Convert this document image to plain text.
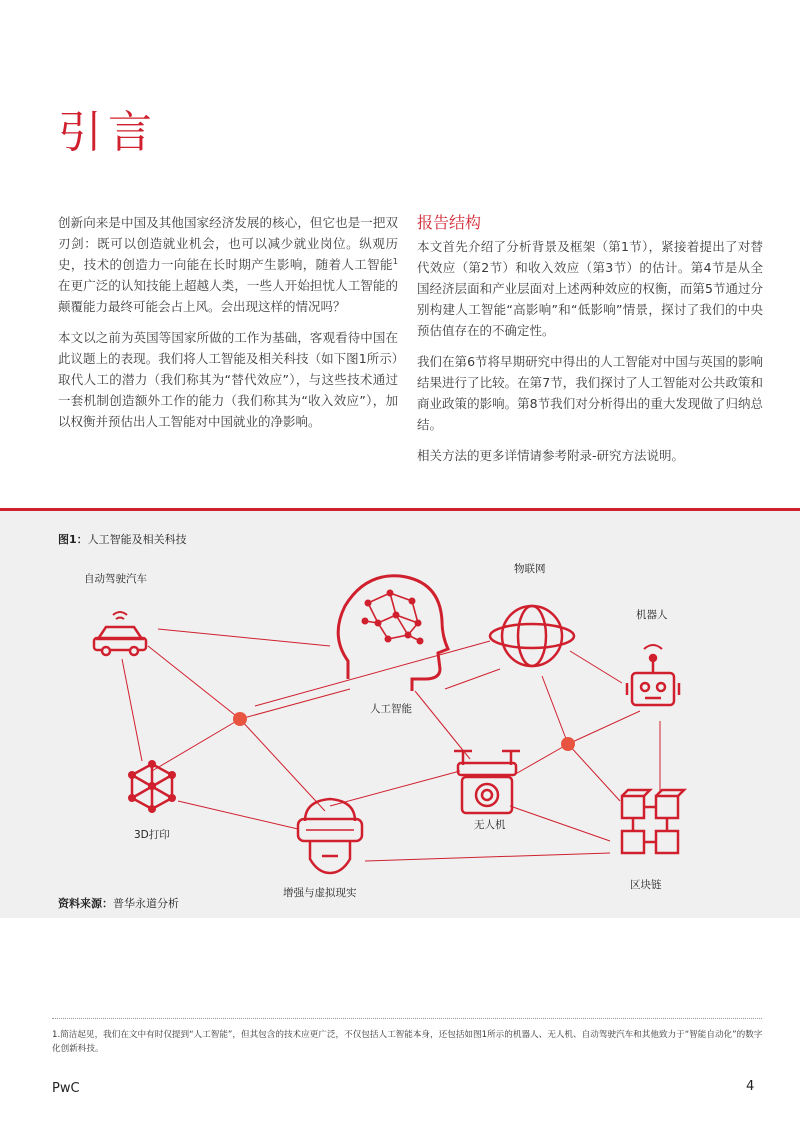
引言

创新向来是中国及其他国家经济发展的核心，但它也是一把双刃剑：既可以创造就业机会，也可以减少就业岗位。纵观历史，技术的创造力一向能在长时期产生影响，随着人工智能$^1$在更广泛的认知技能上超越人类，一些人开始担忧人工智能的颠覆能力最终可能会占上风。会出现这样的情况吗？

本文以之前为英国等国家所做的工作为基础，客观看待中国在此议题上的表现。我们将人工智能及相关科技（如下图1所示）取代人工的潜力（我们称其为“替代效应”），与这些技术通过一套机制创造额外工作的能力（我们称其为“收入效应”），加以权衡并预估出人工智能对中国就业的净影响。

报告结构

本文首先介绍了分析背景及框架（第1节），紧接着提出了对替代效应（第2节）和收入效应（第3节）的估计。第4节是从全国经济层面和产业层面对上述两种效应的权衡，而第5节通过分别构建人工智能“高影响”和“低影响”情景，探讨了我们的中央预估值存在的不确定性。

我们在第6节将早期研究中得出的人工智能对中国与英国的影响结果进行了比较。在第7节，我们探讨了人工智能对公共政策和商业政策的影响。第8节我们对分析得出的重大发现做了归纳总结。

相关方法的更多详情请参考附录-研究方法说明。

图1：人工智能及相关科技
自动驾驶汽车
物联网
机器人
人工智能
3D打印
无人机
增强与虚拟现实
区块链
资料来源：普华永道分析
1.简洁起见，我们在文中有时仅提到“人工智能”，但其包含的技术应更广泛，不仅包括人工智能本身，还包括如图1所示的机器人、无人机、自动驾驶汽车和其他致力于“智能自动化”的数字化创新科技。
PwC	4
